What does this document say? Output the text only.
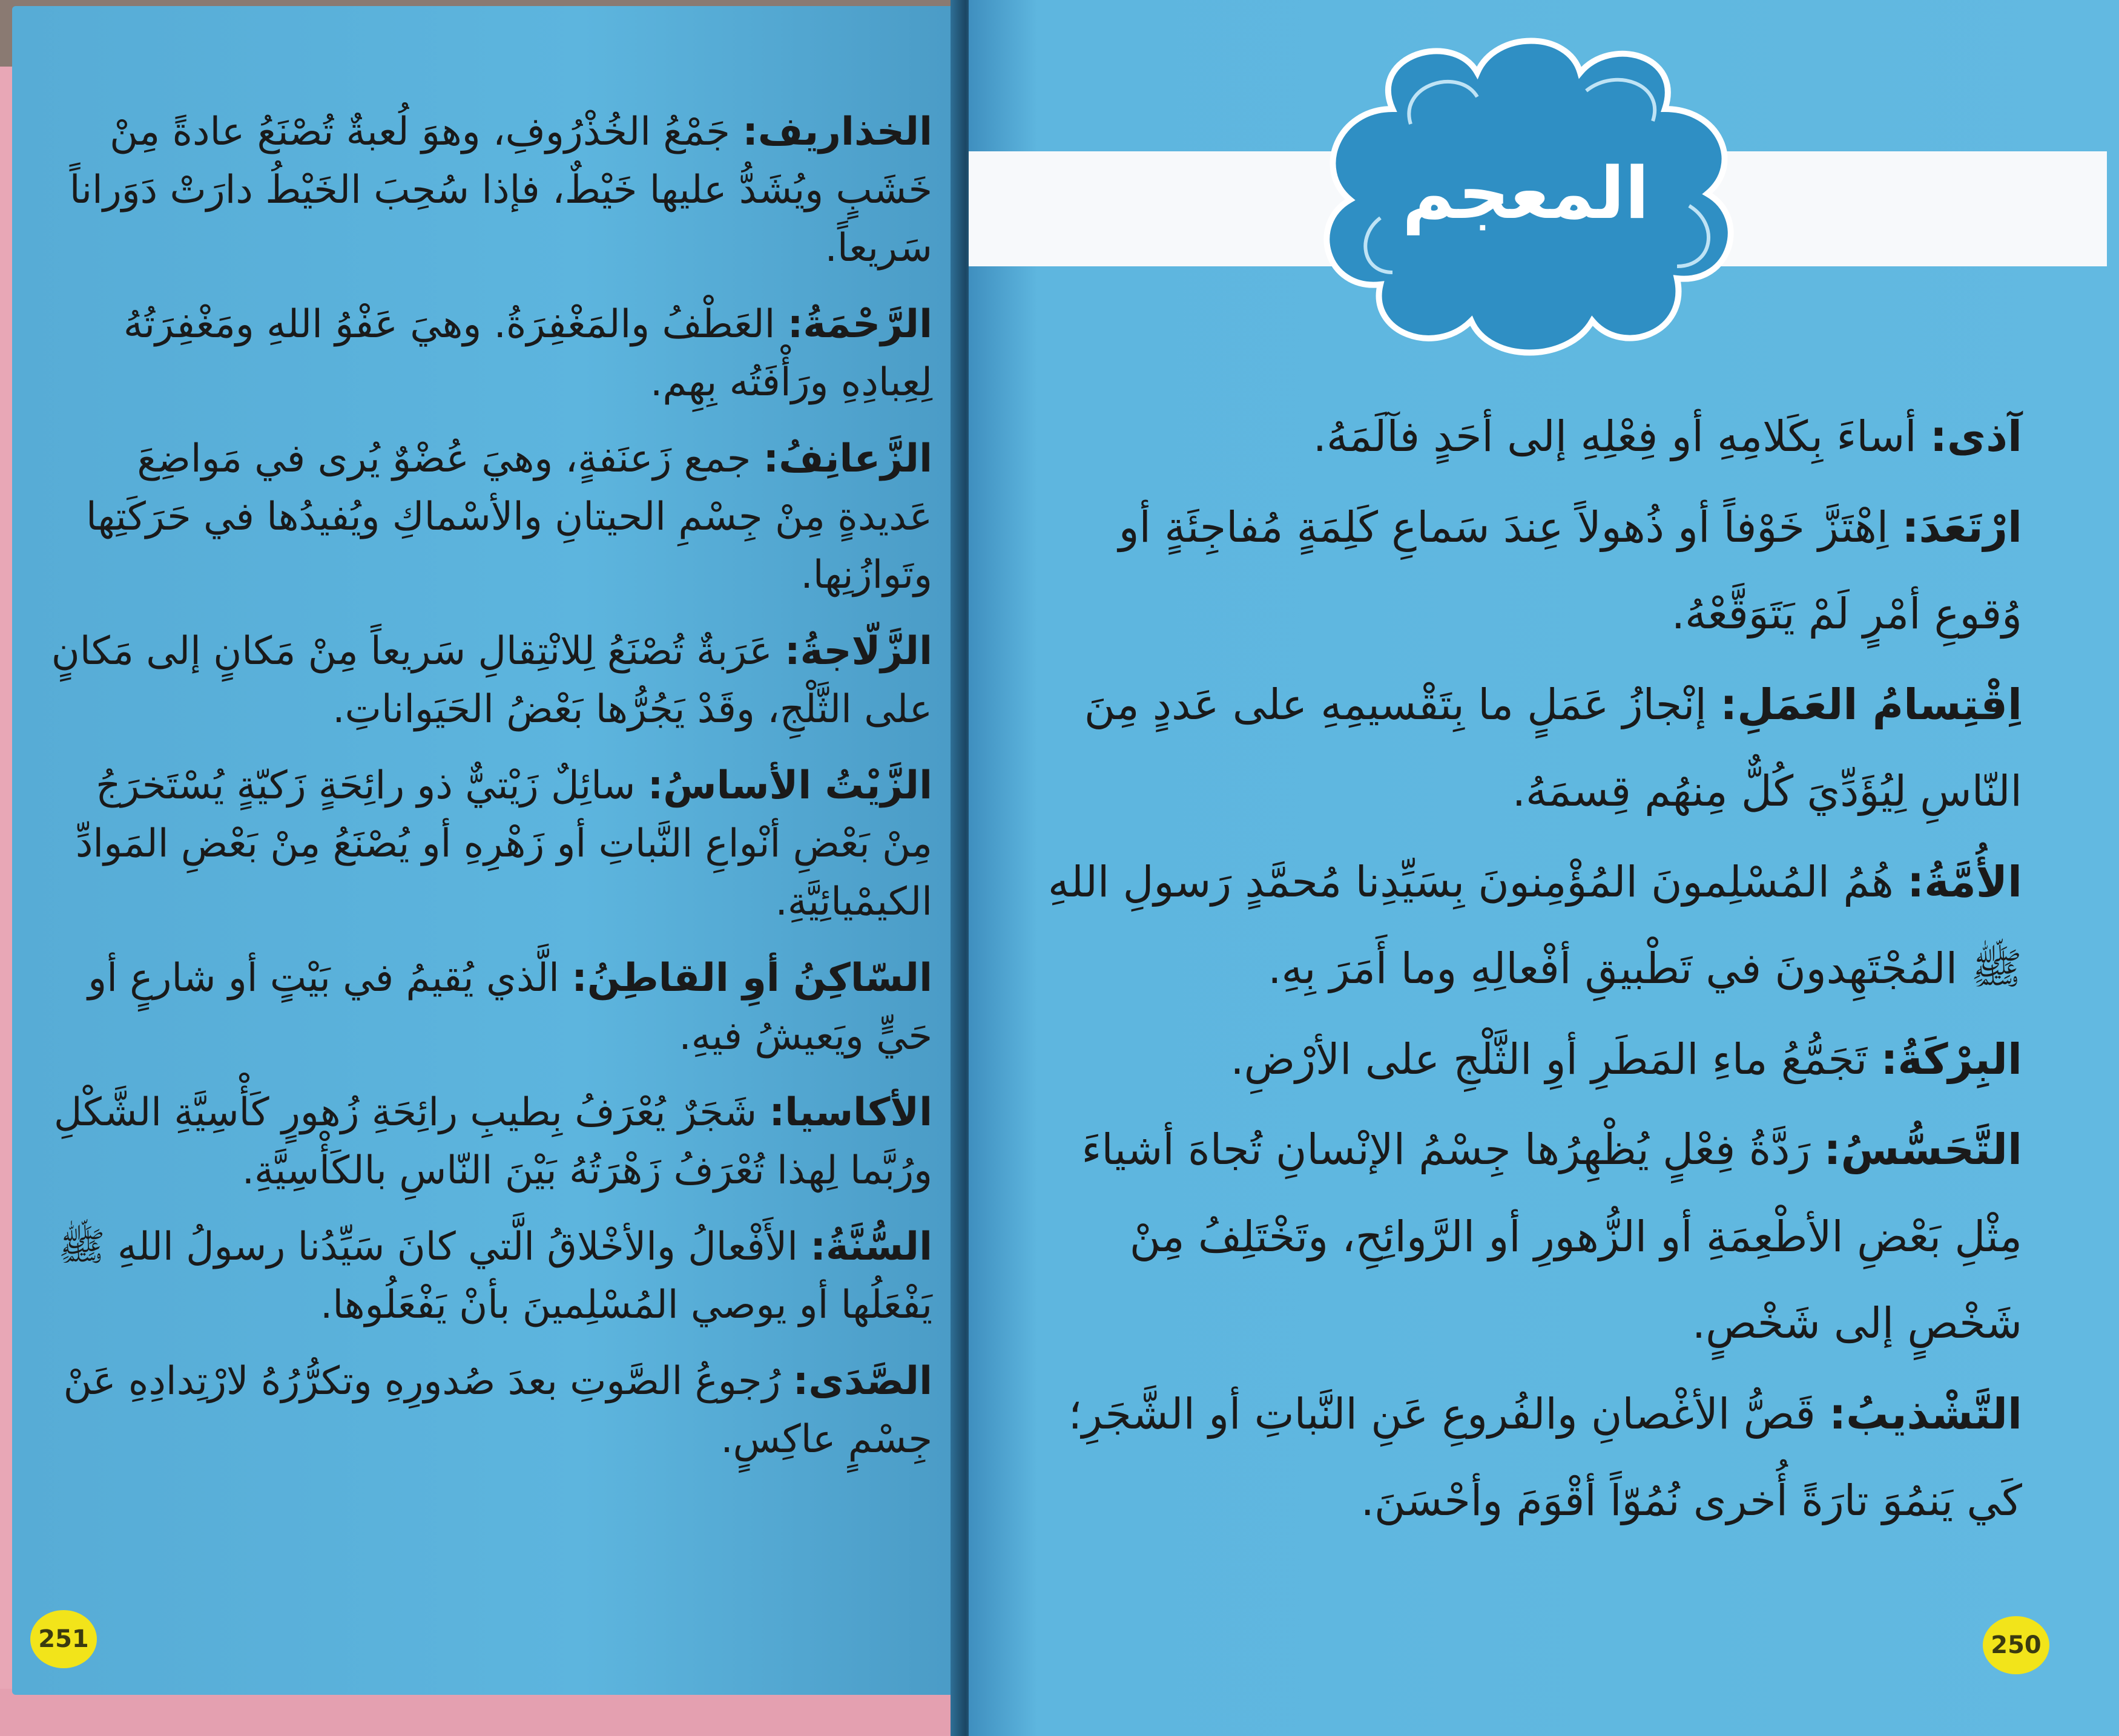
الخذاريف: جَمْعُ الخُذْرُوفِ، وهوَ لُعبةٌ تُصْنَعُ عادةً مِنْ خَشَبٍ ويُشَدُّ عليها خَيْطٌ، فإذا سُحِبَ الخَيْطُ دارَتْ دَوَراناً سَريعاً.

الرَّحْمَةُ: العَطْفُ والمَغْفِرَةُ. وهيَ عَفْوُ اللهِ ومَغْفِرَتُهُ لِعِبادِهِ ورَأْفَتُه بِهِم.

الزَّعانِفُ: جمع زَعنَفةٍ، وهيَ عُضْوٌ يُرى في مَواضِعَ عَديدةٍ مِنْ جِسْمِ الحيتانِ والأسْماكِ ويُفيدُها في حَرَكَتِها وتَوازُنِها.

الزَّلّاجةُ: عَرَبةٌ تُصْنَعُ لِلانْتِقالِ سَريعاً مِنْ مَكانٍ إلى مَكانٍ على الثَّلْجِ، وقَدْ يَجُرُّها بَعْضُ الحَيَواناتِ.

الزَّيْتُ الأساسُ: سائِلٌ زَيْتيٌّ ذو رائِحَةٍ زَكيّةٍ يُسْتَخرَجُ مِنْ بَعْضِ أنْواعِ النَّباتِ أو زَهْرِهِ أو يُصْنَعُ مِنْ بَعْضِ المَوادِّ الكيمْيائِيَّةِ.

السّاكِنُ أوِ القاطِنُ: الَّذي يُقيمُ في بَيْتٍ أو شارعٍ أو حَيٍّ ويَعيشُ فيهِ.

الأكاسيا: شَجَرٌ يُعْرَفُ بِطيبِ رائِحَةِ زُهورٍ كَأْسِيَّةِ الشَّكْلِ ورُبَّما لِهذا تُعْرَفُ زَهْرَتُهُ بَيْنَ النّاسِ بالكَأْسِيَّةِ.

السُّنَّةُ: الأَفْعالُ والأخْلاقُ الَّتي كانَ سَيِّدُنا رسولُ اللهِ ﷺ يَفْعَلُها أو يوصي المُسْلِمينَ بأنْ يَفْعَلُوها.

الصَّدَى: رُجوعُ الصَّوتِ بعدَ صُدورِهِ وتكرُّرُهُ لارْتِدادِهِ عَنْ جِسْمٍ عاكِسٍ.

251
المعجم

آذى: أساءَ بِكَلامِهِ أو فِعْلِهِ إلى أحَدٍ فآلَمَهُ.

ارْتَعَدَ: اِهْتَزَّ خَوْفاً أو ذُهولاً عِندَ سَماعِ كَلِمَةٍ مُفاجِئَةٍ أو وُقوعِ أمْرٍ لَمْ يَتَوَقَّعْهُ.

اِقْتِسامُ العَمَلِ: إنْجازُ عَمَلٍ ما بِتَقْسيمِهِ على عَددٍ مِنَ النّاسِ لِيُؤَدِّيَ كُلٌّ مِنهُم قِسمَهُ.

الأُمَّةُ: هُمُ المُسْلِمونَ المُؤْمِنونَ بِسَيِّدِنا مُحمَّدٍ رَسولِ اللهِ ﷺ المُجْتَهِدونَ في تَطْبيقِ أفْعالِهِ وما أَمَرَ بِهِ.

البِرْكَةُ: تَجَمُّعُ ماءِ المَطَرِ أوِ الثَّلْجِ على الأرْضِ.

التَّحَسُّسُ: رَدَّةُ فِعْلٍ يُظْهِرُها جِسْمُ الإنْسانِ تُجاهَ أشياءَ مِثْلِ بَعْضِ الأطْعِمَةِ أو الزُّهورِ أو الرَّوائِحِ، وتَخْتَلِفُ مِنْ شَخْصٍ إلى شَخْصٍ.

التَّشْذيبُ: قَصُّ الأغْصانِ والفُروعِ عَنِ النَّباتِ أو الشَّجَرِ؛ كَي يَنمُوَ تارَةً أُخرى نُمُوّاً أقْوَمَ وأحْسَنَ.

250
